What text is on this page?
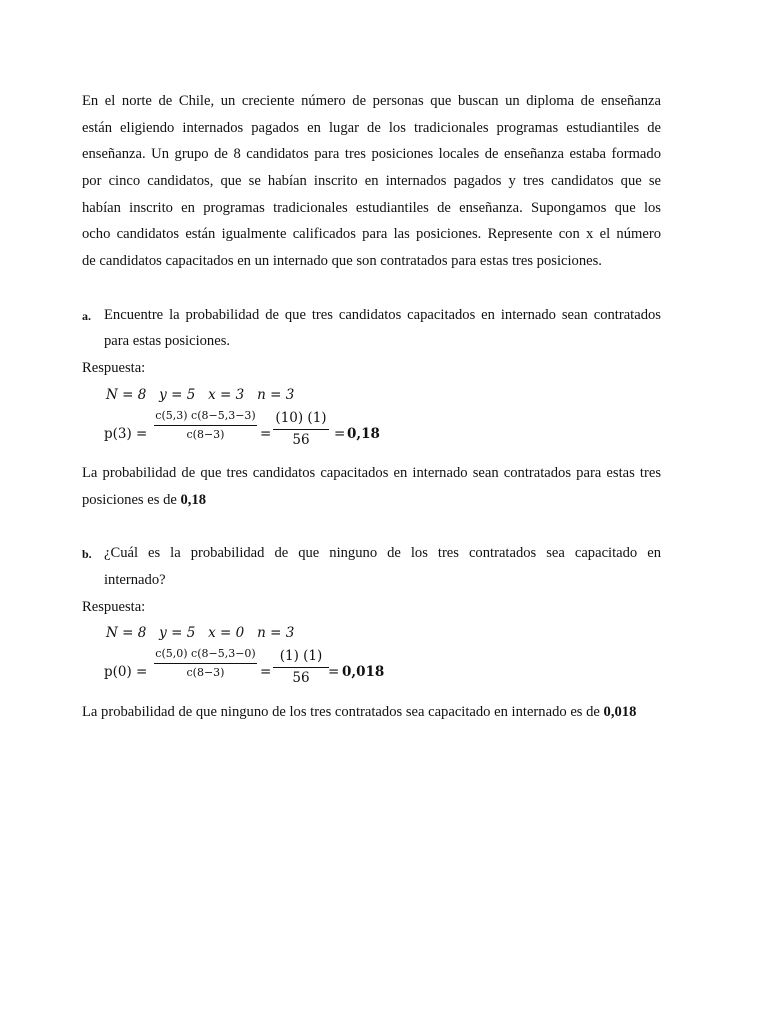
En el norte de Chile, un creciente número de personas que buscan un diploma de enseñanza
están eligiendo internados pagados en lugar de los tradicionales programas estudiantiles de
enseñanza. Un grupo de 8 candidatos para tres posiciones locales de enseñanza estaba formado
por cinco candidatos, que se habían inscrito en internados pagados y tres candidatos que se
habían inscrito en programas tradicionales estudiantiles de enseñanza. Supongamos que los
ocho candidatos están igualmente calificados para las posiciones. Represente con x el número
de candidatos capacitados en un internado que son contratados para estas tres posiciones.
a. Encuentre la probabilidad de que tres candidatos capacitados en internado sean contratados
para estas posiciones.
Respuesta:
N = 8   y = 5   x = 3   n = 3
p(3) =
c(5,3) c(8−5,3−3)
c(8−3)	=
(10) (1)
56	= 0,18
La probabilidad de que tres candidatos capacitados en internado sean contratados para estas tres
posiciones es de 0,18
b. ¿Cuál es la probabilidad de que ninguno de los tres contratados sea capacitado en
internado?
Respuesta:
N = 8   y = 5   x = 0   n = 3
p(0) =
c(5,0) c(8−5,3−0)
c(8−3)	=
(1) (1)
56	= 0,018
La probabilidad de que ninguno de los tres contratados sea capacitado en internado es de 0,018
